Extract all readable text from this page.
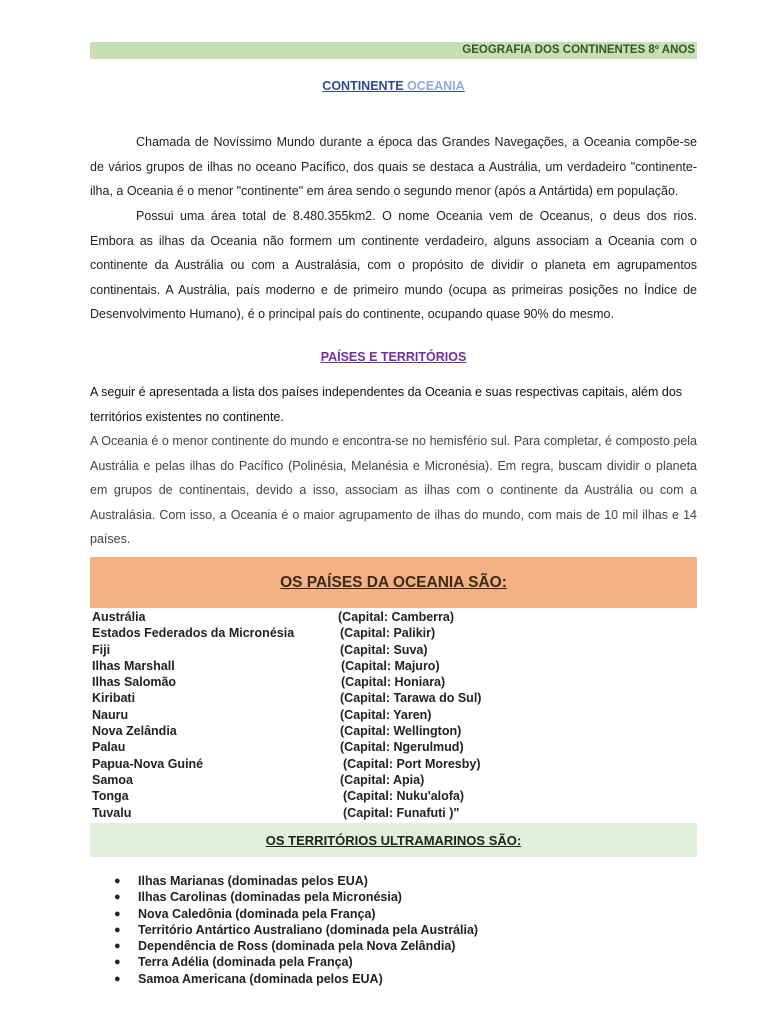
GEOGRAFIA DOS CONTINENTES 8º ANOS
CONTINENTE OCEANIA

Chamada de Novíssimo Mundo durante a época das Grandes Navegações, a Oceania compõe-se de vários grupos de ilhas no oceano Pacífico, dos quais se destaca a Austrália, um verdadeiro "continente-ilha, a Oceania é o menor "continente" em área sendo o segundo menor (após a Antártida) em população.

Possui uma área total de 8.480.355km2. O nome Oceania vem de Oceanus, o deus dos rios. Embora as ilhas da Oceania não formem um continente verdadeiro, alguns associam a Oceania com o continente da Austrália ou com a Australásia, com o propósito de dividir o planeta em agrupamentos continentais. A Austrália, país moderno e de primeiro mundo (ocupa as primeiras posições no Índice de Desenvolvimento Humano), é o principal país do continente, ocupando quase 90% do mesmo.

PAÍSES E TERRITÓRIOS

A seguir é apresentada a lista dos países independentes da Oceania e suas respectivas capitais, além dos territórios existentes no continente.

A Oceania é o menor continente do mundo e encontra-se no hemisfério sul. Para completar, é composto pela Austrália e pelas ilhas do Pacífico (Polinésia, Melanésia e Micronésia). Em regra, buscam dividir o planeta em grupos de continentais, devido a isso, associam as ilhas com o continente da Austrália ou com a Australásia. Com isso, a Oceania é o maior agrupamento de ilhas do mundo, com mais de 10 mil ilhas e 14 países.

OS PAÍSES DA OCEANIA SÃO:
Austrália	(Capital: Camberra)
Estados Federados da Micronésia	(Capital: Palikir)
Fiji	(Capital: Suva)
Ilhas Marshall	(Capital: Majuro)
Ilhas Salomão	(Capital: Honiara)
Kiribati	(Capital: Tarawa do Sul)
Nauru	(Capital: Yaren)
Nova Zelândia	(Capital: Wellington)
Palau	(Capital: Ngerulmud)
Papua-Nova Guiné	(Capital: Port Moresby)
Samoa	(Capital: Apia)
Tonga	(Capital: Nuku'alofa)
Tuvalu	(Capital: Funafuti )"
OS TERRITÓRIOS ULTRAMARINOS SÃO:
● Ilhas Marianas (dominadas pelos EUA)
● Ilhas Carolinas (dominadas pela Micronésia)
● Nova Caledônia (dominada pela França)
● Território Antártico Australiano (dominada pela Austrália)
● Dependência de Ross (dominada pela Nova Zelândia)
● Terra Adélia (dominada pela França)
● Samoa Americana (dominada pelos EUA)
